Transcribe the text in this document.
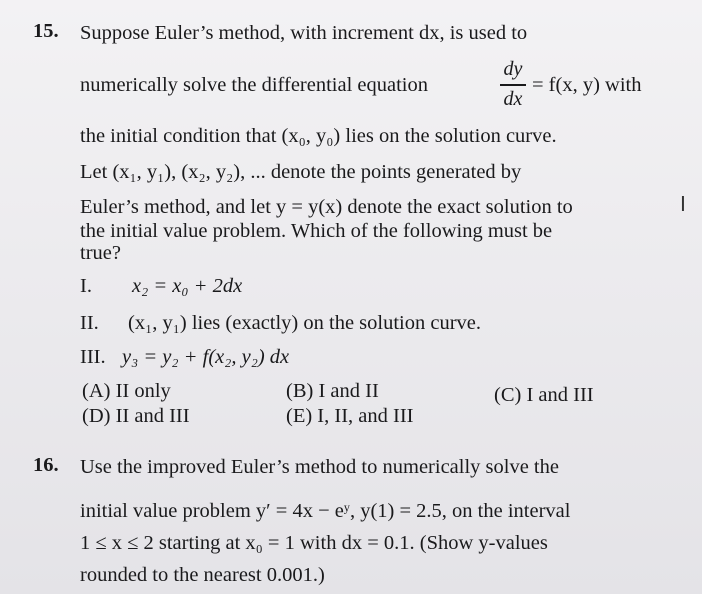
15. Suppose Euler’s method, with increment dx, is used to
numerically solve the differential equation
dy
dx
= f(x, y) with
the initial condition that (x₀, y₀) lies on the solution curve.
Let (x₁, y₁), (x₂, y₂), ... denote the points generated by
Euler’s method, and let y = y(x) denote the exact solution to
the initial value problem. Which of the following must be
true?
I. x₂ = x₀ + 2dx
II. (x₁, y₁) lies (exactly) on the solution curve.
III. y₃ = y₂ + f(x₂, y₂) dx
(A) II only	(B) I and II	(C) I and III
(D) II and III	(E) I, II, and III
I
16. Use the improved Euler’s method to numerically solve the
initial value problem y′ = 4x − eʸ, y(1) = 2.5, on the interval
1 ≤ x ≤ 2 starting at x₀ = 1 with dx = 0.1. (Show y-values
rounded to the nearest 0.001.)
